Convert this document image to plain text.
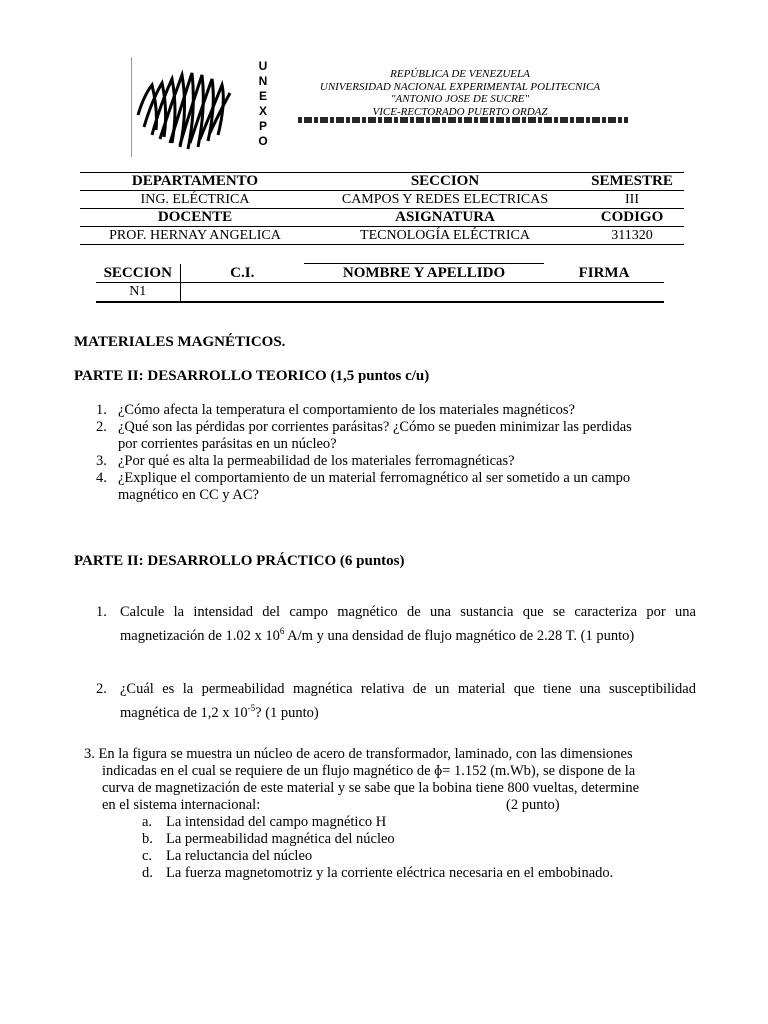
U
N
E
X
P
O
REPÚBLICA DE VENEZUELA
UNIVERSIDAD NACIONAL EXPERIMENTAL POLITECNICA
"ANTONIO JOSE DE SUCRE"
VICE-RECTORADO PUERTO ORDAZ
DEPARTAMENTO	SECCION	SEMESTRE
ING. ELÉCTRICA	CAMPOS Y REDES ELECTRICAS	III
DOCENTE	ASIGNATURA	CODIGO
PROF. HERNAY ANGELICA	TECNOLOGÍA ELÉCTRICA	311320
SECCION	C.I.	NOMBRE Y APELLIDO	FIRMA
N1			
MATERIALES MAGNÉTICOS.
PARTE II: DESARROLLO TEORICO (1,5 puntos c/u)
1. ¿Cómo afecta la temperatura el comportamiento de los materiales magnéticos?
2. ¿Qué son las pérdidas por corrientes parásitas? ¿Cómo se pueden minimizar las perdidas
por corrientes parásitas en un núcleo?
3. ¿Por qué es alta la permeabilidad de los materiales ferromagnéticas?
4. ¿Explique el comportamiento de un material ferromagnético al ser sometido a un campo
magnético en CC y AC?
PARTE II: DESARROLLO PRÁCTICO (6 puntos)
1. Calcule la intensidad del campo magnético de una sustancia que se caracteriza por una
magnetización de 1.02 x $10^6$ A/m y una densidad de flujo magnético de 2.28 T. (1 punto)
2. ¿Cuál es la permeabilidad magnética relativa de un material que tiene una susceptibilidad
magnética de 1,2 x $10^{-5}$? (1 punto)
3. En la figura se muestra un núcleo de acero de transformador, laminado, con las dimensiones
indicadas en el cual se requiere de un flujo magnético de ɸ= 1.152 (m.Wb), se dispone de la
curva de magnetización de este material y se sabe que la bobina tiene 800 vueltas, determine
en el sistema internacional:	(2 punto)
a. La intensidad del campo magnético H
b. La permeabilidad magnética del núcleo
c. La reluctancia del núcleo
d. La fuerza magnetomotriz y la corriente eléctrica necesaria en el embobinado.
